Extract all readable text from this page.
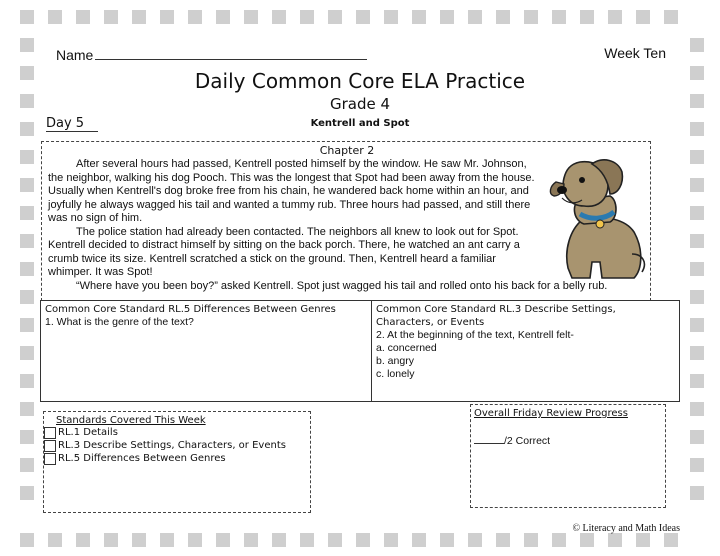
Name	Week Ten
Daily Common Core ELA Practice
Grade 4
Day 5	Kentrell and Spot
Chapter 2

After several hours had passed, Kentrell posted himself by the window. He saw Mr. Johnson, the neighbor, walking his dog Pooch. This was the longest that Spot had been away from the house. Usually when Kentrell's dog broke free from his chain, he wandered back home within an hour, and joyfully he always wagged his tail and wanted a tummy rub. Three hours had passed, and still there was no sign of him.

The police station had already been contacted. The neighbors all knew to look out for Spot. Kentrell decided to distract himself by sitting on the back porch. There, he watched an ant carry a crumb twice its size. Kentrell scratched a stick on the ground. Then, Kentrell heard a familiar whimper. It was Spot!

“Where have you been boy?” asked Kentrell. Spot just wagged his tail and rolled onto his back for a belly rub.

Common Core Standard RL.5 Differences Between Genres
1. What is the genre of the text?
Common Core Standard RL.3 Describe Settings, Characters, or Events
2. At the beginning of the text, Kentrell felt-
a. concerned
b. angry
c. lonely
Standards Covered This Week
RL.1 Details
RL.3 Describe Settings, Characters, or Events
RL.5 Differences Between Genres
Overall Friday Review Progress
/2 Correct
© Literacy and Math Ideas
